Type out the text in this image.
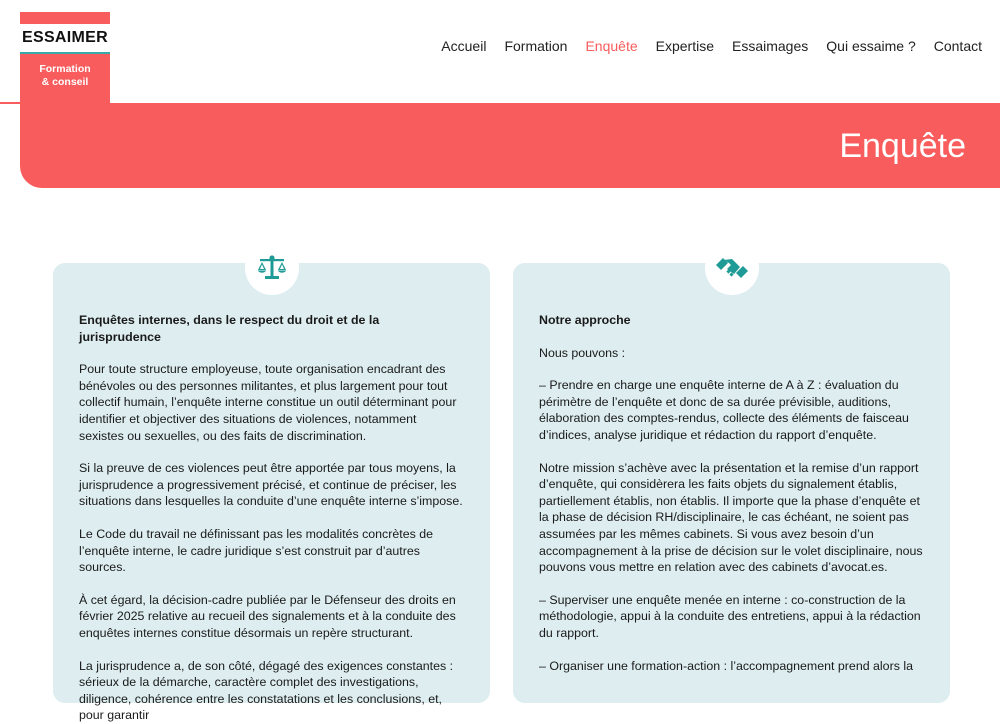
ESSAIMER
Formation
& conseil
Accueil Formation Enquête Expertise Essaimages Qui essaime ? Contact
Enquête
Enquêtes internes, dans le respect du droit et de la jurisprudence

Pour toute structure employeuse, toute organisation encadrant des bénévoles ou des personnes militantes, et plus largement pour tout collectif humain, l’enquête interne constitue un outil déterminant pour identifier et objectiver des situations de violences, notamment sexistes ou sexuelles, ou des faits de discrimination.

Si la preuve de ces violences peut être apportée par tous moyens, la jurisprudence a progressivement précisé, et continue de préciser, les situations dans lesquelles la conduite d’une enquête interne s’impose.

Le Code du travail ne définissant pas les modalités concrètes de l’enquête interne, le cadre juridique s’est construit par d’autres sources.

À cet égard, la décision-cadre publiée par le Défenseur des droits en février 2025 relative au recueil des signalements et à la conduite des enquêtes internes constitue désormais un repère structurant.

La jurisprudence a, de son côté, dégagé des exigences constantes : sérieux de la démarche, caractère complet des investigations, diligence, cohérence entre les constatations et les conclusions, et, pour garantir

Notre approche

Nous pouvons :

– Prendre en charge une enquête interne de A à Z : évaluation du périmètre de l’enquête et donc de sa durée prévisible, auditions, élaboration des comptes-rendus, collecte des éléments de faisceau d’indices, analyse juridique et rédaction du rapport d’enquête.

Notre mission s’achève avec la présentation et la remise d’un rapport d’enquête, qui considèrera les faits objets du signalement établis, partiellement établis, non établis. Il importe que la phase d’enquête et la phase de décision RH/disciplinaire, le cas échéant, ne soient pas assumées par les mêmes cabinets. Si vous avez besoin d’un accompagnement à la prise de décision sur le volet disciplinaire, nous pouvons vous mettre en relation avec des cabinets d’avocat.es.

– Superviser une enquête menée en interne : co-construction de la méthodologie, appui à la conduite des entretiens, appui à la rédaction du rapport.

– Organiser une formation-action : l’accompagnement prend alors la
